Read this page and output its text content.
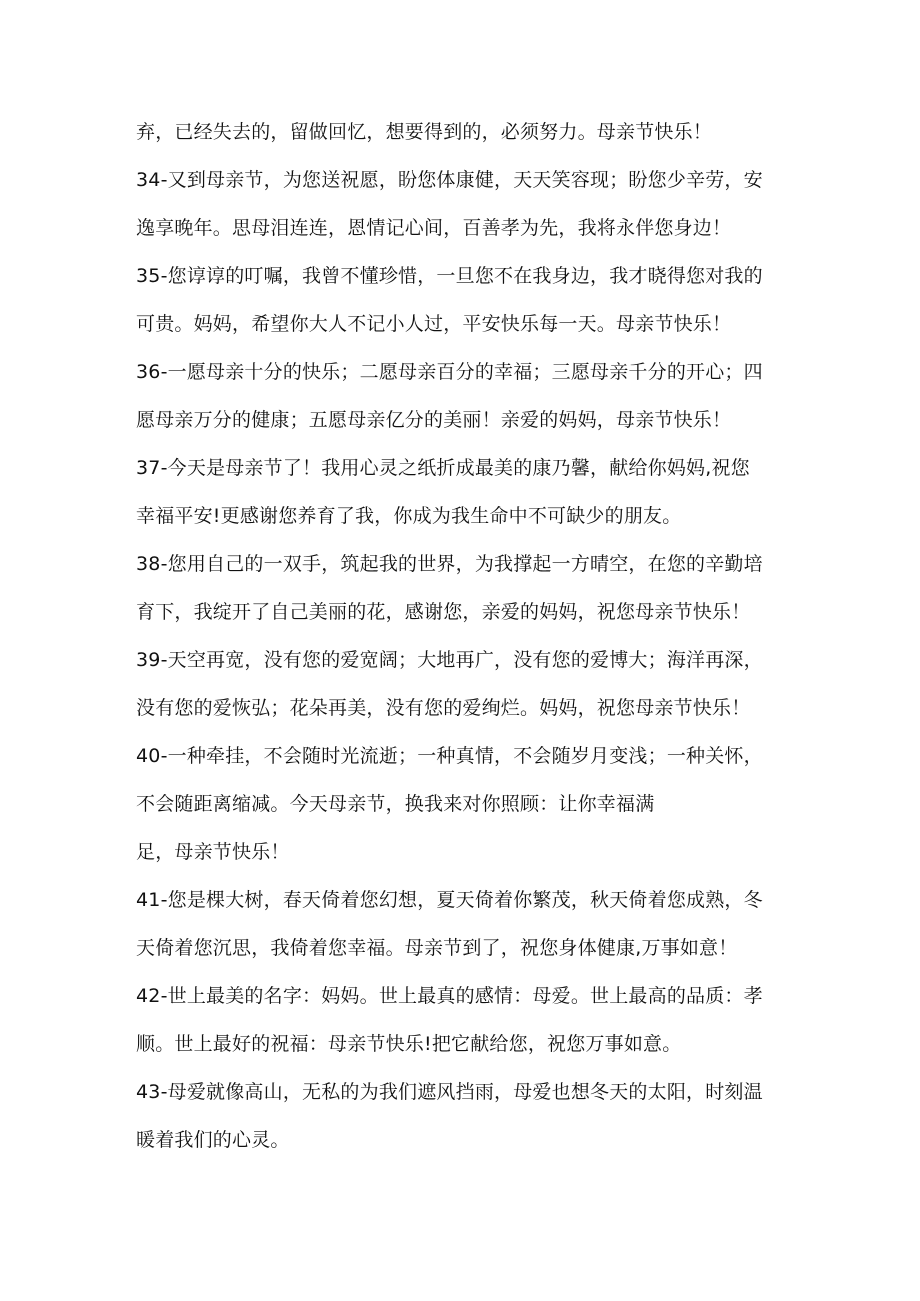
弃，已经失去的，留做回忆，想要得到的，必须努力。母亲节快乐！
34-又到母亲节，为您送祝愿，盼您体康健，天天笑容现；盼您少辛劳，安
逸享晚年。思母泪连连，恩情记心间，百善孝为先，我将永伴您身边！
35-您谆谆的叮嘱，我曾不懂珍惜，一旦您不在我身边，我才晓得您对我的
可贵。妈妈，希望你大人不记小人过，平安快乐每一天。母亲节快乐！
36-一愿母亲十分的快乐；二愿母亲百分的幸福；三愿母亲千分的开心；四
愿母亲万分的健康；五愿母亲亿分的美丽！亲爱的妈妈，母亲节快乐！
37-今天是母亲节了！我用心灵之纸折成最美的康乃馨，献给你妈妈,祝您
幸福平安!更感谢您养育了我，你成为我生命中不可缺少的朋友。
38-您用自己的一双手，筑起我的世界，为我撑起一方晴空，在您的辛勤培
育下，我绽开了自己美丽的花，感谢您，亲爱的妈妈，祝您母亲节快乐！
39-天空再宽，没有您的爱宽阔；大地再广，没有您的爱博大；海洋再深，
没有您的爱恢弘；花朵再美，没有您的爱绚烂。妈妈，祝您母亲节快乐！
40-一种牵挂，不会随时光流逝；一种真情，不会随岁月变浅；一种关怀，
不会随距离缩减。今天母亲节，换我来对你照顾：让你幸福满
足，母亲节快乐！
41-您是棵大树，春天倚着您幻想，夏天倚着你繁茂，秋天倚着您成熟，冬
天倚着您沉思，我倚着您幸福。母亲节到了，祝您身体健康,万事如意！
42-世上最美的名字：妈妈。世上最真的感情：母爱。世上最高的品质：孝
顺。世上最好的祝福：母亲节快乐!把它献给您，祝您万事如意。
43-母爱就像高山，无私的为我们遮风挡雨，母爱也想冬天的太阳，时刻温
暖着我们的心灵。
